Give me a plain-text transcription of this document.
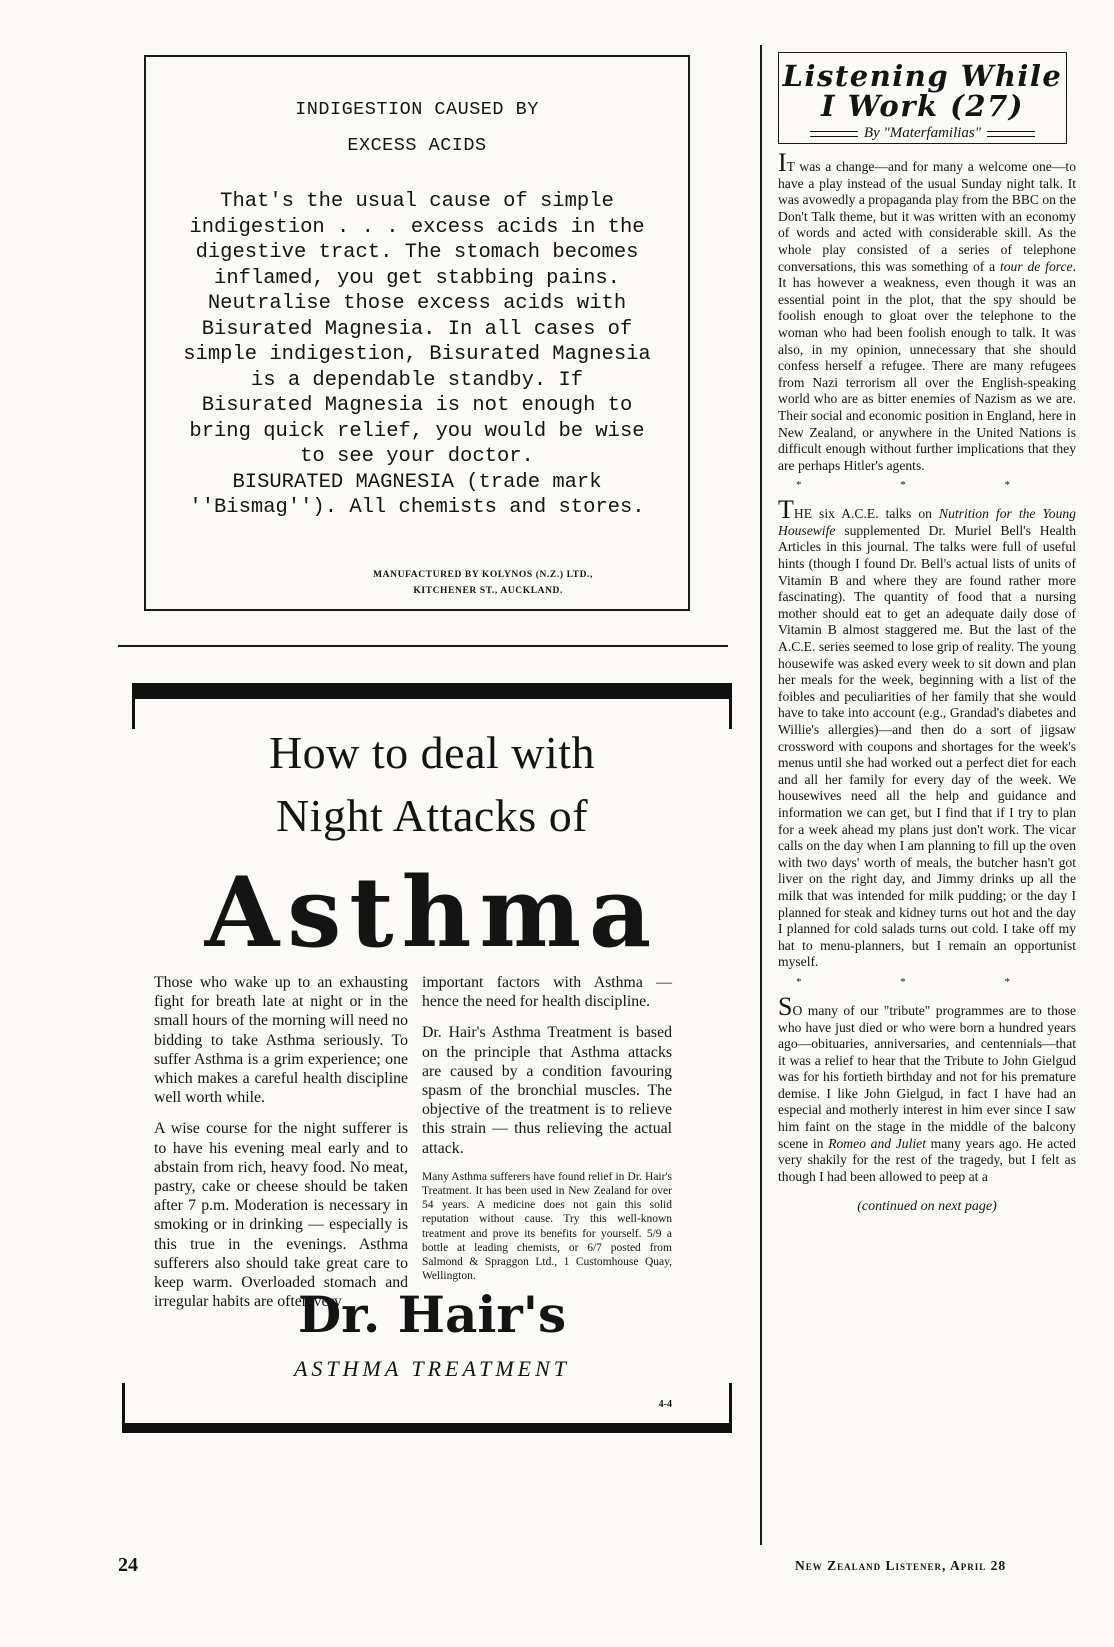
INDIGESTION CAUSED BY
EXCESS ACIDS
That's the usual cause of simple
indigestion . . . excess acids in the
digestive tract. The stomach becomes
inflamed, you get stabbing pains.
Neutralise those excess acids with
Bisurated Magnesia. In all cases of
simple indigestion, Bisurated Magnesia
is a dependable standby. If
Bisurated Magnesia is not enough to
bring quick relief, you would be wise
to see your doctor.
BISURATED MAGNESIA (trade mark
''Bismag''). All chemists and stores.
MANUFACTURED BY KOLYNOS (N.Z.) LTD.,
KITCHENER ST., AUCKLAND.
How to deal with
Night Attacks of
Asthma

Those who wake up to an exhausting fight for breath late at night or in the small hours of the morning will need no bidding to take Asthma seriously. To suffer Asthma is a grim experience; one which makes a careful health discipline well worth while.

A wise course for the night sufferer is to have his evening meal early and to abstain from rich, heavy food. No meat, pastry, cake or cheese should be taken after 7 p.m. Moderation is necessary in smoking or in drinking — especially is this true in the evenings. Asthma sufferers also should take great care to keep warm. Overloaded stomach and irregular habits are often very

important factors with Asthma — hence the need for health discipline.

Dr. Hair's Asthma Treatment is based on the principle that Asthma attacks are caused by a condition favouring spasm of the bronchial muscles. The objective of the treatment is to relieve this strain — thus relieving the actual attack.

Many Asthma sufferers have found relief in Dr. Hair's Treatment. It has been used in New Zealand for over 54 years. A medicine does not gain this solid reputation without cause. Try this well-known treatment and prove its benefits for yourself. 5/9 a bottle at leading chemists, or 6/7 posted from Salmond & Spraggon Ltd., 1 Customhouse Quay, Wellington.

Dr. Hair's
ASTHMA TREATMENT
4-4
Listening While
I Work (27)
By "Materfamilias"

IT was a change—and for many a welcome one—to have a play instead of the usual Sunday night talk. It was avowedly a propaganda play from the BBC on the Don't Talk theme, but it was written with an economy of words and acted with considerable skill. As the whole play consisted of a series of telephone conversations, this was something of a tour de force. It has however a weakness, even though it was an essential point in the plot, that the spy should be foolish enough to gloat over the telephone to the woman who had been foolish enough to talk. It was also, in my opinion, unnecessary that she should confess herself a refugee. There are many refugees from Nazi terrorism all over the English-speaking world who are as bitter enemies of Nazism as we are. Their social and economic position in England, here in New Zealand, or anywhere in the United Nations is difficult enough without further implications that they are perhaps Hitler's agents.

* * *

THE six A.C.E. talks on Nutrition for the Young Housewife supplemented Dr. Muriel Bell's Health Articles in this journal. The talks were full of useful hints (though I found Dr. Bell's actual lists of units of Vitamin B and where they are found rather more fascinating). The quantity of food that a nursing mother should eat to get an adequate daily dose of Vitamin B almost staggered me. But the last of the A.C.E. series seemed to lose grip of reality. The young housewife was asked every week to sit down and plan her meals for the week, beginning with a list of the foibles and peculiarities of her family that she would have to take into account (e.g., Grandad's diabetes and Willie's allergies)—and then do a sort of jigsaw crossword with coupons and shortages for the week's menus until she had worked out a perfect diet for each and all her family for every day of the week. We housewives need all the help and guidance and information we can get, but I find that if I try to plan for a week ahead my plans just don't work. The vicar calls on the day when I am planning to fill up the oven with two days' worth of meals, the butcher hasn't got liver on the right day, and Jimmy drinks up all the milk that was intended for milk pudding; or the day I planned for steak and kidney turns out hot and the day I planned for cold salads turns out cold. I take off my hat to menu-planners, but I remain an opportunist myself.

* * *

SO many of our "tribute" programmes are to those who have just died or who were born a hundred years ago—obituaries, anniversaries, and centennials—that it was a relief to hear that the Tribute to John Gielgud was for his fortieth birthday and not for his premature demise. I like John Gielgud, in fact I have had an especial and motherly interest in him ever since I saw him faint on the stage in the middle of the balcony scene in Romeo and Juliet many years ago. He acted very shakily for the rest of the tragedy, but I felt as though I had been allowed to peep at a

(continued on next page)
24	New Zealand Listener, April 28
